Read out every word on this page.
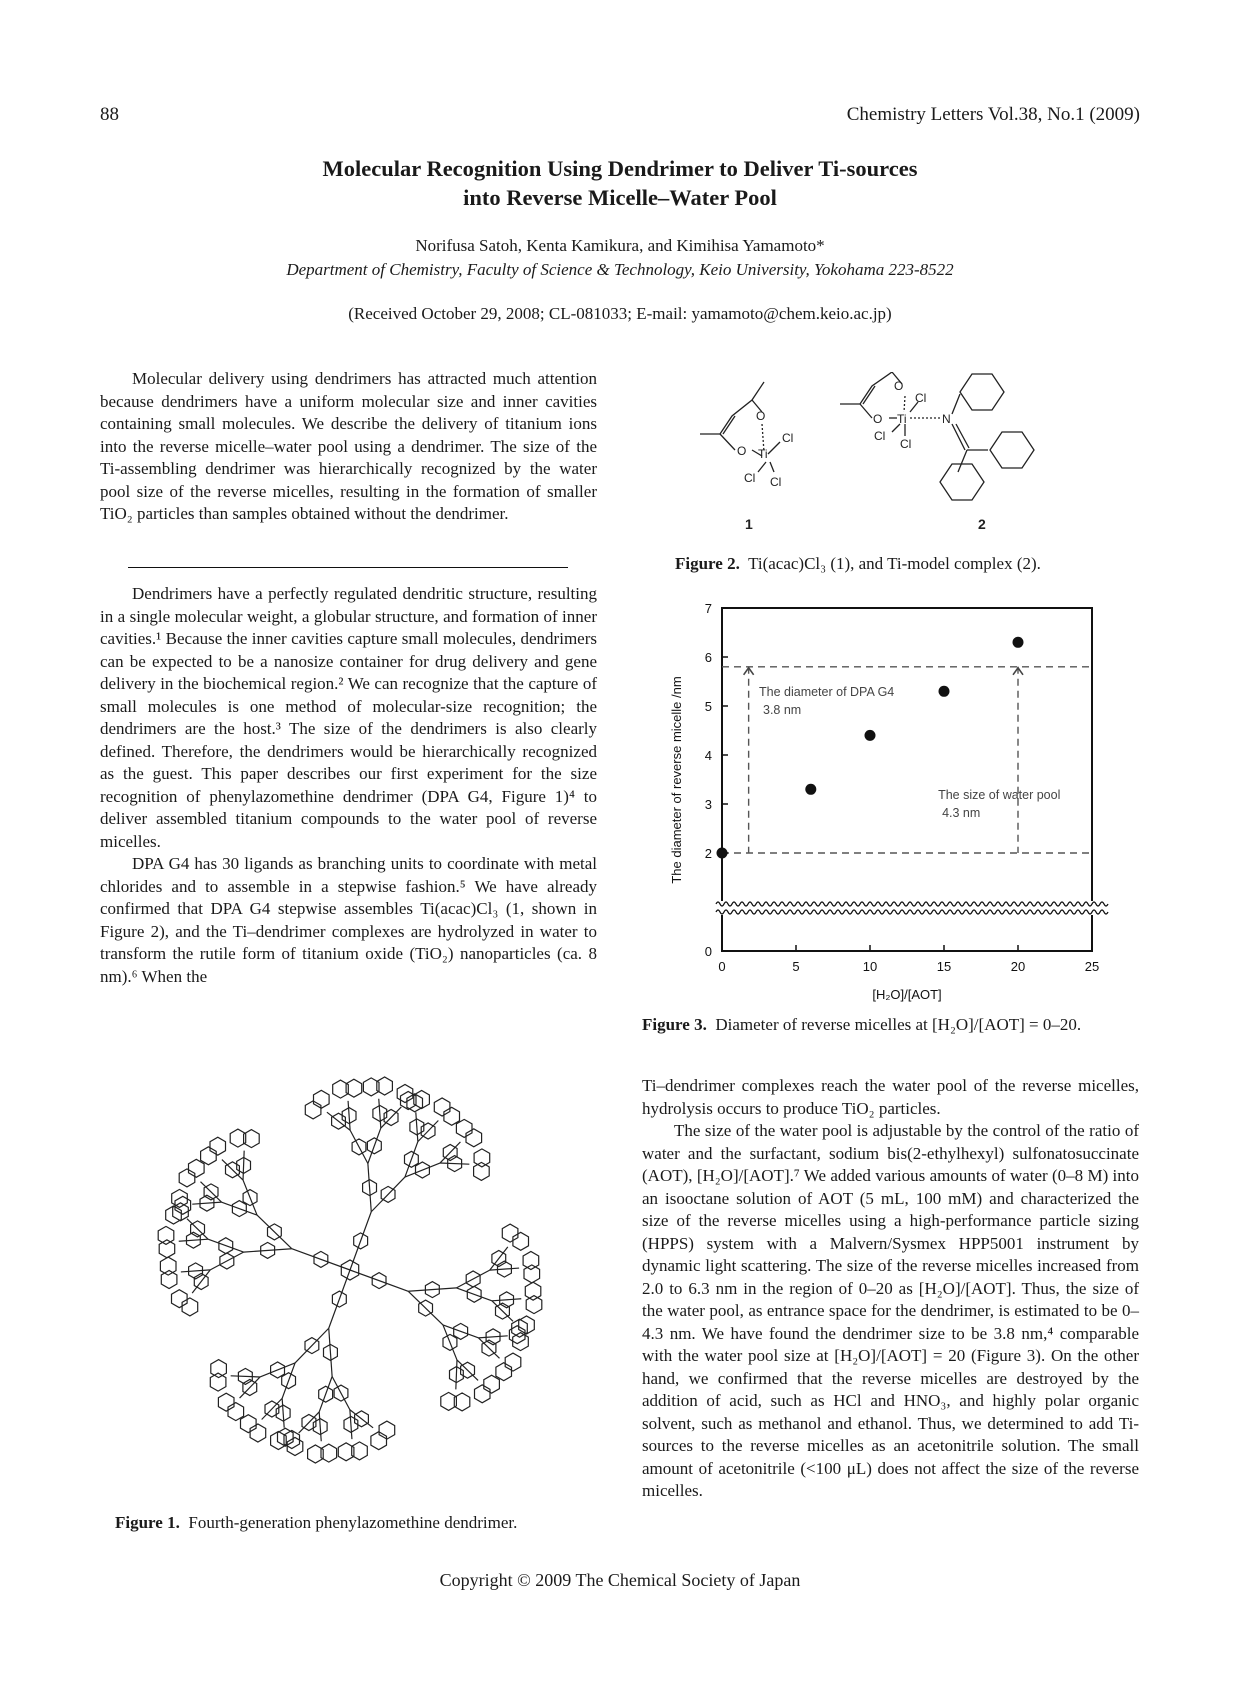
88	Chemistry Letters Vol.38, No.1 (2009)
Molecular Recognition Using Dendrimer to Deliver Ti-sources
into Reverse Micelle–Water Pool
Norifusa Satoh, Kenta Kamikura, and Kimihisa Yamamoto*
Department of Chemistry, Faculty of Science & Technology, Keio University, Yokohama 223-8522
(Received October 29, 2008; CL-081033; E-mail: yamamoto@chem.keio.ac.jp)

Molecular delivery using dendrimers has attracted much attention because dendrimers have a uniform molecular size and inner cavities containing small molecules. We describe the delivery of titanium ions into the reverse micelle–water pool using a dendrimer. The size of the Ti-assembling dendrimer was hierarchically recognized by the water pool size of the reverse micelles, resulting in the formation of smaller TiO₂ particles than samples obtained without the dendrimer.

Dendrimers have a perfectly regulated dendritic structure, resulting in a single molecular weight, a globular structure, and formation of inner cavities.¹ Because the inner cavities capture small molecules, dendrimers can be expected to be a nanosize container for drug delivery and gene delivery in the biochemical region.² We can recognize that the capture of small molecules is one method of molecular-size recognition; the dendrimers are the host.³ The size of the dendrimers is also clearly defined. Therefore, the dendrimers would be hierarchically recognized as the guest. This paper describes our first experiment for the size recognition of phenylazomethine dendrimer (DPA G4, Figure 1)⁴ to deliver assembled titanium compounds to the water pool of reverse micelles.

DPA G4 has 30 ligands as branching units to coordinate with metal chlorides and to assemble in a stepwise fashion.⁵ We have already confirmed that DPA G4 stepwise assembles Ti(acac)Cl₃ (1, shown in Figure 2), and the Ti–dendrimer complexes are hydrolyzed in water to transform the rutile form of titanium oxide (TiO₂) nanoparticles (ca. 8 nm).⁶ When the

Figure 1. Fourth-generation phenylazomethine dendrimer.
O
O Ti
Cl
Cl Cl
1
O
O Ti
Cl
Cl
Cl
N
2
Figure 2. Ti(acac)Cl₃ (1), and Ti-model complex (2).
0	5	10	15	20	25
0
2
3
4
5
6
7
The diameter of DPA G4
3.8 nm
The size of water pool
4.3 nm
[H₂O]/[AOT]
The diameter of reverse micelle /nm
Figure 3. Diameter of reverse micelles at [H₂O]/[AOT] = 0–20.

Ti–dendrimer complexes reach the water pool of the reverse micelles, hydrolysis occurs to produce TiO₂ particles.

The size of the water pool is adjustable by the control of the ratio of water and the surfactant, sodium bis(2-ethylhexyl) sulfonatosuccinate (AOT), [H₂O]/[AOT].⁷ We added various amounts of water (0–8 M) into an isooctane solution of AOT (5 mL, 100 mM) and characterized the size of the reverse micelles using a high-performance particle sizing (HPPS) system with a Malvern/Sysmex HPP5001 instrument by dynamic light scattering. The size of the reverse micelles increased from 2.0 to 6.3 nm in the region of 0–20 as [H₂O]/[AOT]. Thus, the size of the water pool, as entrance space for the dendrimer, is estimated to be 0–4.3 nm. We have found the dendrimer size to be 3.8 nm,⁴ comparable with the water pool size at [H₂O]/[AOT] = 20 (Figure 3). On the other hand, we confirmed that the reverse micelles are destroyed by the addition of acid, such as HCl and HNO₃, and highly polar organic solvent, such as methanol and ethanol. Thus, we determined to add Ti-sources to the reverse micelles as an acetonitrile solution. The small amount of acetonitrile (<100 μL) does not affect the size of the reverse micelles.

Copyright © 2009 The Chemical Society of Japan
